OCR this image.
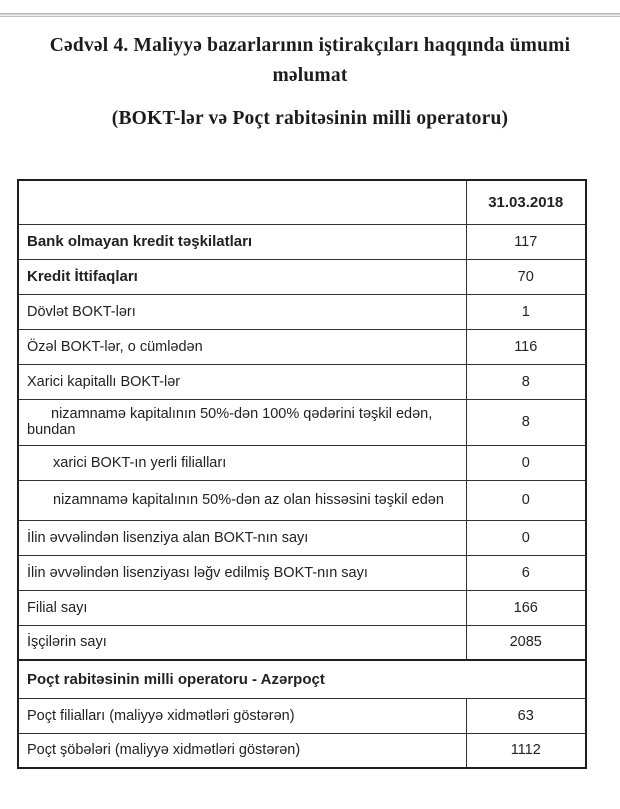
Cədvəl 4. Maliyyə bazarlarının iştirakçıları haqqında ümumi
məlumat
(BOKT-lər və Poçt rabitəsinin milli operatoru)
	31.03.2018
Bank olmayan kredit təşkilatları	117
Kredit İttifaqları	70
Dövlət BOKT-lərı	1
Özəl BOKT-lər, o cümlədən	116
Xarici kapitallı BOKT-lər	8

nizamnamə kapitalının 50%-dən 100% qədərini təşkil edən,
bundan	8
xarici BOKT-ın yerli filialları	0
nizamnamə kapitalının 50%-dən az olan hissəsini təşkil edən	0
İlin əvvəlindən lisenziya alan BOKT-nın sayı	0
İlin əvvəlindən lisenziyası ləğv edilmiş BOKT-nın sayı	6
Filial sayı	166
İşçilərin sayı	2085
Poçt rabitəsinin milli operatoru - Azərpoçt	
Poçt filialları (maliyyə xidmətləri göstərən)	63
Poçt şöbələri (maliyyə xidmətləri göstərən)	1112
